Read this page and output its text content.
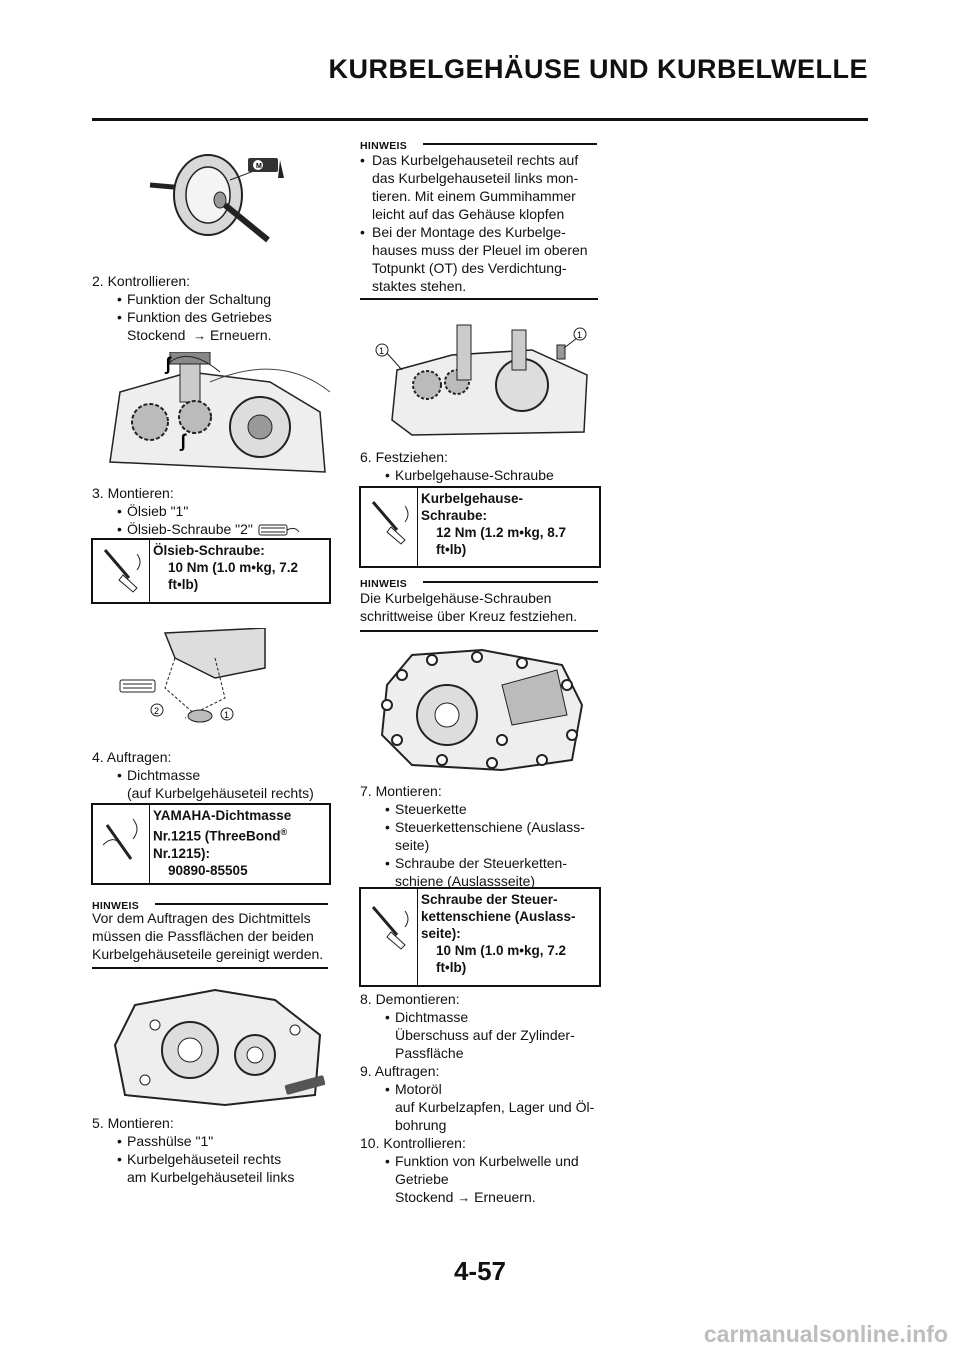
KURBELGEHÄUSE UND KURBELWELLE
M
2. Kontrollieren:
• Funktion der Schaltung
• Funktion des Getriebes
Stockend → Erneuern.
ʃ
ʃ
3. Montieren:
• Ölsieb "1"
• Ölsieb-Schraube "2"
Ölsieb-Schraube:
10 Nm (1.0 m•kg, 7.2
ft•lb)
2	1
4. Auftragen:
• Dichtmasse
(auf Kurbelgehäuseteil rechts)
YAMAHA-Dichtmasse
Nr.1215 (ThreeBond®
Nr.1215):
90890-85505
HINWEIS
Vor dem Auftragen des Dichtmittels
müssen die Passflächen der beiden
Kurbelgehäuseteile gereinigt werden.
5. Montieren:
• Passhülse "1"
• Kurbelgehäuseteil rechts
am Kurbelgehäuseteil links
HINWEIS
• Das Kurbelgehauseteil rechts auf
das Kurbelgehauseteil links mon-
tieren. Mit einem Gummihammer
leicht auf das Gehäuse klopfen
• Bei der Montage des Kurbelge-
hauses muss der Pleuel im oberen
Totpunkt (OT) des Verdichtung-
staktes stehen.
1
1
6. Festziehen:
• Kurbelgehause-Schraube
Kurbelgehause-
Schraube:
12 Nm (1.2 m•kg, 8.7
ft•lb)
HINWEIS
Die Kurbelgehäuse-Schrauben
schrittweise über Kreuz festziehen.
7. Montieren:
• Steuerkette
• Steuerkettenschiene (Auslass-
seite)
• Schraube der Steuerketten-
schiene (Auslassseite)
Schraube der Steuer-
kettenschiene (Auslass-
seite):
10 Nm (1.0 m•kg, 7.2
ft•lb)
8. Demontieren:
• Dichtmasse
Überschuss auf der Zylinder-
Passfläche
9. Auftragen:
• Motoröl
auf Kurbelzapfen, Lager und Öl-
bohrung
10. Kontrollieren:
• Funktion von Kurbelwelle und
Getriebe
Stockend → Erneuern.
4-57
carmanualsonline.info
